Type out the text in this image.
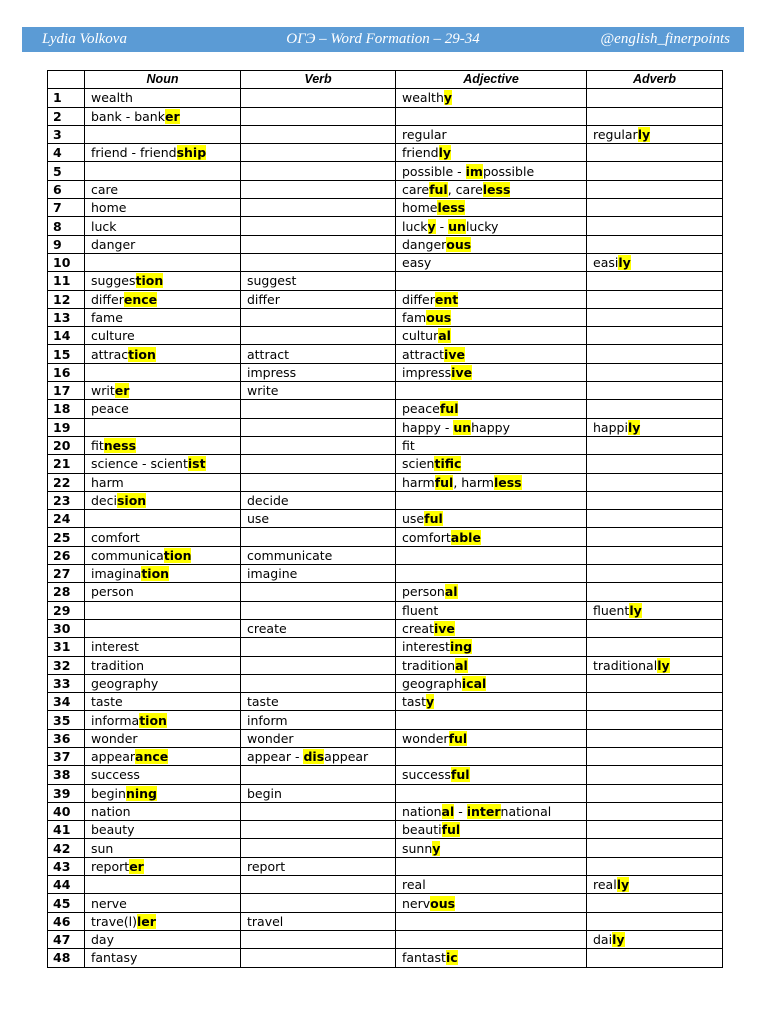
Lydia Volkova	ОГЭ – Word Formation – 29-34	@english_finerpoints
	Noun	Verb	Adjective	Adverb
1	wealth		wealthy	
2	bank - banker			
3			regular	regularly
4	friend - friendship		friendly	
5			possible - impossible	
6	care		careful, careless	
7	home		homeless	
8	luck		lucky - unlucky	
9	danger		dangerous	
10			easy	easily
11	suggestion	suggest		
12	difference	differ	different	
13	fame		famous	
14	culture		cultural	
15	attraction	attract	attractive	
16		impress	impressive	
17	writer	write		
18	peace		peaceful	
19			happy - unhappy	happily
20	fitness		fit	
21	science - scientist		scientific	
22	harm		harmful, harmless	
23	decision	decide		
24		use	useful	
25	comfort		comfortable	
26	communication	communicate		
27	imagination	imagine		
28	person		personal	
29			fluent	fluently
30		create	creative	
31	interest		interesting	
32	tradition		traditional	traditionally
33	geography		geographical	
34	taste	taste	tasty	
35	information	inform		
36	wonder	wonder	wonderful	
37	appearance	appear - disappear		
38	success		successful	
39	beginning	begin		
40	nation		national - international	
41	beauty		beautiful	
42	sun		sunny	
43	reporter	report		
44			real	really
45	nerve		nervous	
46	trave(l)ler	travel		
47	day			daily
48	fantasy		fantastic	
